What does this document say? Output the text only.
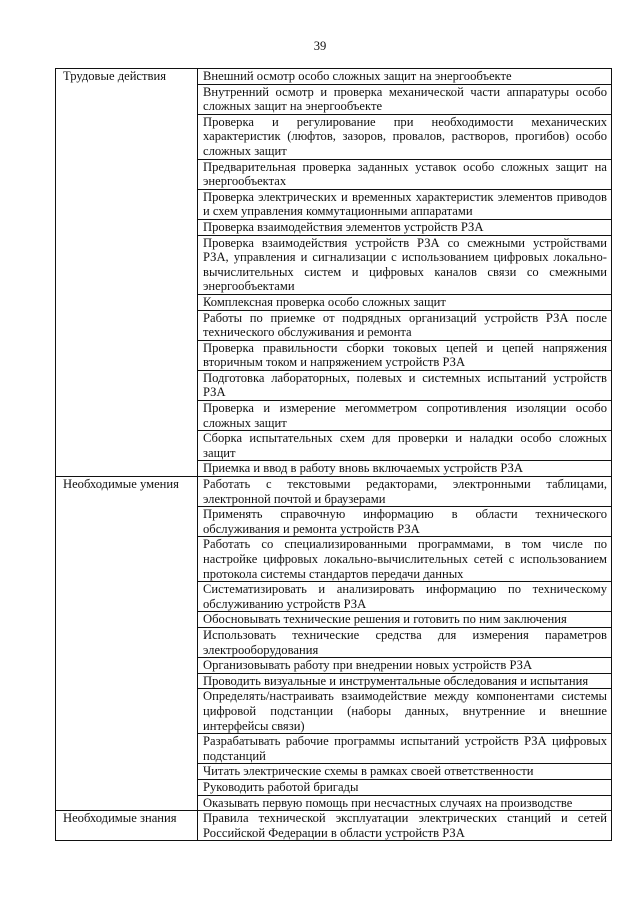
39
Трудовые действия	Внешний осмотр особо сложных защит на энергообъекте
Внутренний осмотр и проверка механической части аппаратуры особо сложных защит на энергообъекте
Проверка и регулирование при необходимости механических характеристик (люфтов, зазоров, провалов, растворов, прогибов) особо сложных защит
Предварительная проверка заданных уставок особо сложных защит на энергообъектах
Проверка электрических и временных характеристик элементов приводов и схем управления коммутационными аппаратами
Проверка взаимодействия элементов устройств РЗА
Проверка взаимодействия устройств РЗА со смежными устройствами РЗА, управления и сигнализации с использованием цифровых локально-вычислительных систем и цифровых каналов связи со смежными энергообъектами
Комплексная проверка особо сложных защит
Работы по приемке от подрядных организаций устройств РЗА после технического обслуживания и ремонта
Проверка правильности сборки токовых цепей и цепей напряжения вторичным током и напряжением устройств РЗА
Подготовка лабораторных, полевых и системных испытаний устройств РЗА
Проверка и измерение мегомметром сопротивления изоляции особо сложных защит
Сборка испытательных схем для проверки и наладки особо сложных защит
Приемка и ввод в работу вновь включаемых устройств РЗА
Необходимые умения	Работать с текстовыми редакторами, электронными таблицами, электронной почтой и браузерами
Применять справочную информацию в области технического обслуживания и ремонта устройств РЗА
Работать со специализированными программами, в том числе по настройке цифровых локально-вычислительных сетей с использованием протокола системы стандартов передачи данных
Систематизировать и анализировать информацию по техническому обслуживанию устройств РЗА
Обосновывать технические решения и готовить по ним заключения
Использовать технические средства для измерения параметров электрооборудования
Организовывать работу при внедрении новых устройств РЗА
Проводить визуальные и инструментальные обследования и испытания
Определять/настраивать взаимодействие между компонентами системы цифровой подстанции (наборы данных, внутренние и внешние интерфейсы связи)
Разрабатывать рабочие программы испытаний устройств РЗА цифровых подстанций
Читать электрические схемы в рамках своей ответственности
Руководить работой бригады
Оказывать первую помощь при несчастных случаях на производстве
Необходимые знания	Правила технической эксплуатации электрических станций и сетей Российской Федерации в области устройств РЗА
